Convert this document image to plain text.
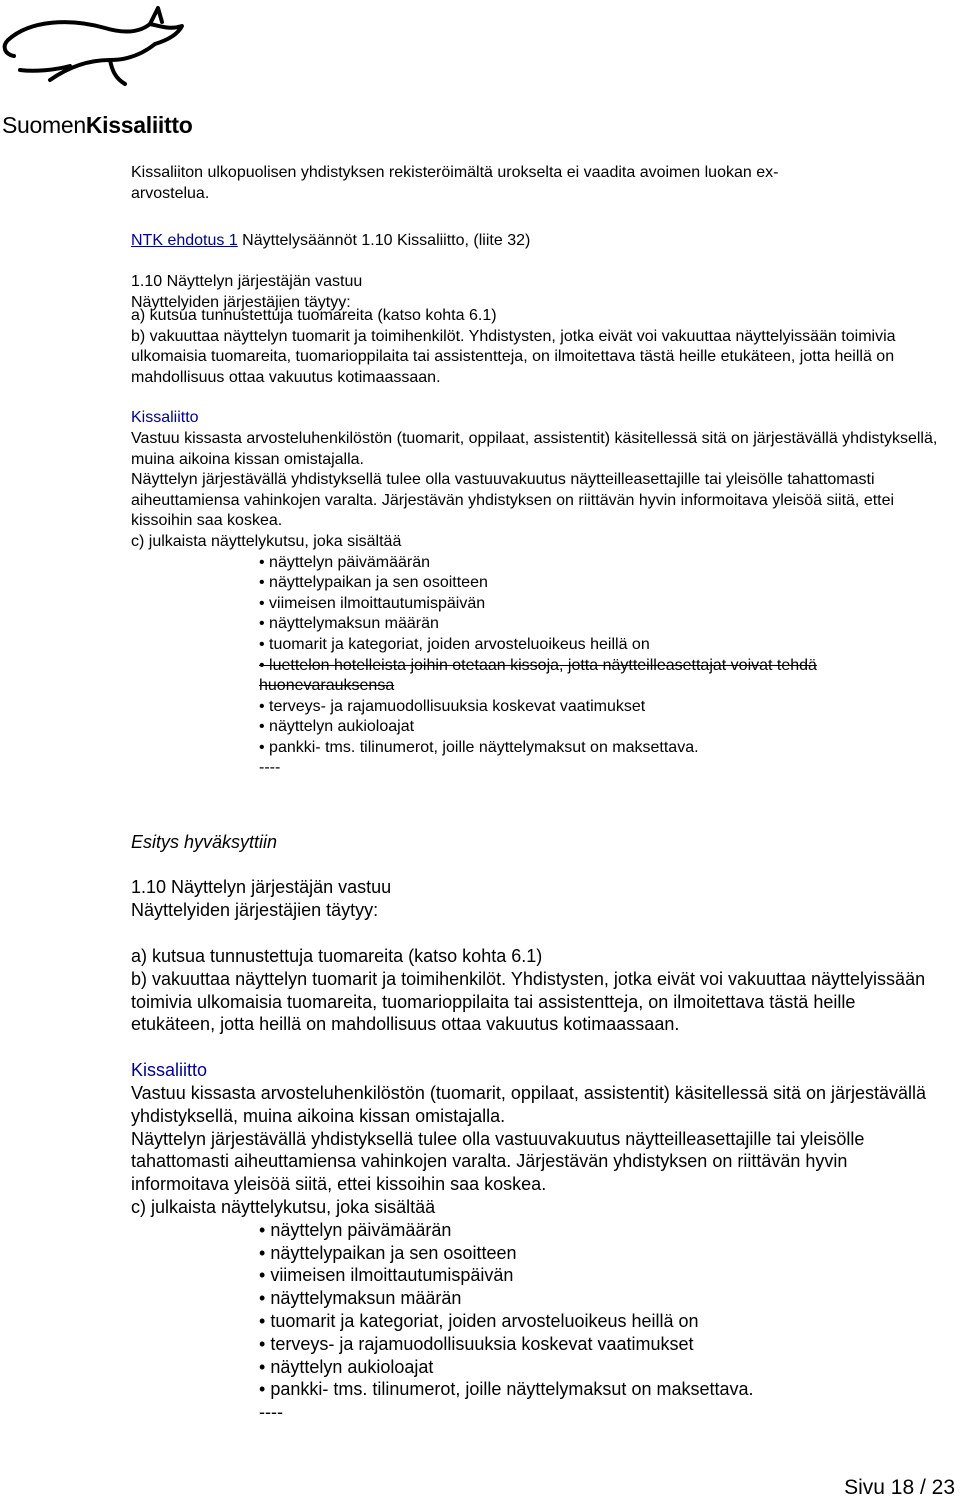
SuomenKissaliitto

Kissaliiton ulkopuolisen yhdistyksen rekisteröimältä urokselta ei vaadita avoimen luokan ex-

arvostelua.

NTK ehdotus 1 Näyttelysäännöt 1.10 Kissaliitto, (liite 32)

1.10 Näyttelyn järjestäjän vastuu

Näyttelyiden järjestäjien täytyy:

a) kutsua tunnustettuja tuomareita (katso kohta 6.1)

b) vakuuttaa näyttelyn tuomarit ja toimihenkilöt. Yhdistysten, jotka eivät voi vakuuttaa näyttelyissään toimivia ulkomaisia tuomareita, tuomarioppilaita tai assistentteja, on ilmoitettava tästä heille etukäteen, jotta heillä on mahdollisuus ottaa vakuutus kotimaassaan.

Kissaliitto

Vastuu kissasta arvosteluhenkilöstön (tuomarit, oppilaat, assistentit) käsitellessä sitä on järjestävällä yhdistyksellä, muina aikoina kissan omistajalla.

Näyttelyn järjestävällä yhdistyksellä tulee olla vastuuvakuutus näytteilleasettajille tai yleisölle tahattomasti aiheuttamiensa vahinkojen varalta. Järjestävän yhdistyksen on riittävän hyvin informoitava yleisöä siitä, ettei kissoihin saa koskea.

c) julkaista näyttelykutsu, joka sisältää

• näyttelyn päivämäärän
• näyttelypaikan ja sen osoitteen
• viimeisen ilmoittautumispäivän
• näyttelymaksun määrän
• tuomarit ja kategoriat, joiden arvosteluoikeus heillä on

• luettelon hotelleista joihin otetaan kissoja, jotta näytteilleasettajat voivat tehdä

huonevarauksensa

• terveys- ja rajamuodollisuuksia koskevat vaatimukset
• näyttelyn aukioloajat
• pankki- tms. tilinumerot, joille näyttelymaksut on maksettava.

----

Esitys hyväksyttiin

1.10 Näyttelyn järjestäjän vastuu

Näyttelyiden järjestäjien täytyy:

a) kutsua tunnustettuja tuomareita (katso kohta 6.1)

b) vakuuttaa näyttelyn tuomarit ja toimihenkilöt. Yhdistysten, jotka eivät voi vakuuttaa näyttelyissään toimivia ulkomaisia tuomareita, tuomarioppilaita tai assistentteja, on ilmoitettava tästä heille etukäteen, jotta heillä on mahdollisuus ottaa vakuutus kotimaassaan.

Kissaliitto

Vastuu kissasta arvosteluhenkilöstön (tuomarit, oppilaat, assistentit) käsitellessä sitä on järjestävällä yhdistyksellä, muina aikoina kissan omistajalla.

Näyttelyn järjestävällä yhdistyksellä tulee olla vastuuvakuutus näytteilleasettajille tai yleisölle tahattomasti aiheuttamiensa vahinkojen varalta. Järjestävän yhdistyksen on riittävän hyvin informoitava yleisöä siitä, ettei kissoihin saa koskea.

c) julkaista näyttelykutsu, joka sisältää

• näyttelyn päivämäärän
• näyttelypaikan ja sen osoitteen
• viimeisen ilmoittautumispäivän
• näyttelymaksun määrän
• tuomarit ja kategoriat, joiden arvosteluoikeus heillä on
• terveys- ja rajamuodollisuuksia koskevat vaatimukset
• näyttelyn aukioloajat
• pankki- tms. tilinumerot, joille näyttelymaksut on maksettava.

----

Sivu 18 / 23
